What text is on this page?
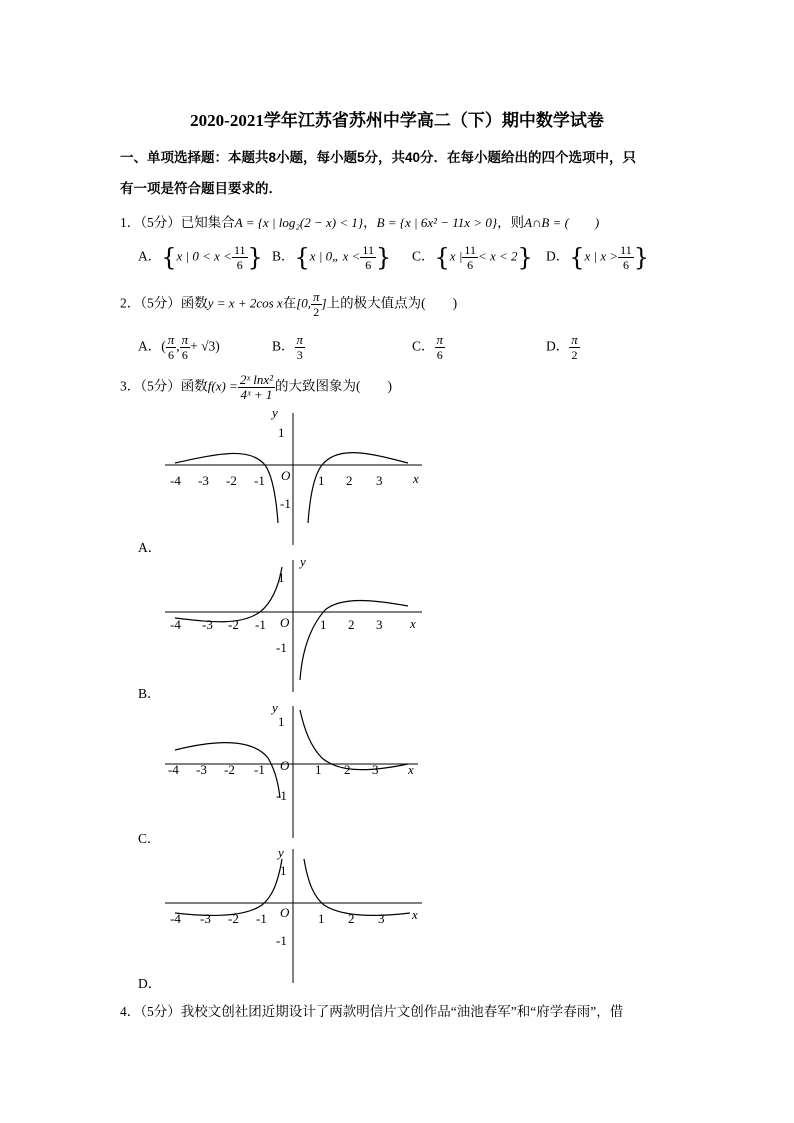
2020-2021学年江苏省苏州中学高二（下）期中数学试卷
一、单项选择题：本题共8小题，每小题5分，共40分．在每小题给出的四个选项中，只
有一项是符合题目要求的．
1．（5分）已知集合A = {x | log₂(2 − x) < 1}，B = {x | 6x² − 11x > 0}，则A∩B = (　　)
A．{x | $0 < x < \frac{11}{6}$ } B．{x | 0„ $x < \frac{11}{6}$ } C．{x | $\frac{11}{6} < x < 2$} D．{x | $x > \frac{11}{6}$ }
2．（5分）函数y = x + 2cos x在[0, $\frac{\pi}{2}$ ]上的极大值点为(　　)
A．( $\frac{\pi}{6}$ , $\frac{\pi}{6} + √3$)	B． $\frac{\pi}{3}$	C． $\frac{\pi}{6}$	D． $\frac{\pi}{2}$
3．（5分）函数$f(x) = \frac{\text{2ˣ lnx²}}{\text{4ˣ + 1}}$ 的大致图象为(　　)
y
x
O
1
-1
-4 -3 -2 -1	1 2 3
A．
y
x
O
1
-1
-4 -3 -2 -1	1 2 3
B．
y
x
O
1
-1
-4 -3 -2 -1	1 2 3
C．
y
x
O
1
-1
-4 -3 -2 -1	1 2 3
D．
4．（5分）我校文创社团近期设计了两款明信片文创作品“油池春军”和“府学春雨”，借
